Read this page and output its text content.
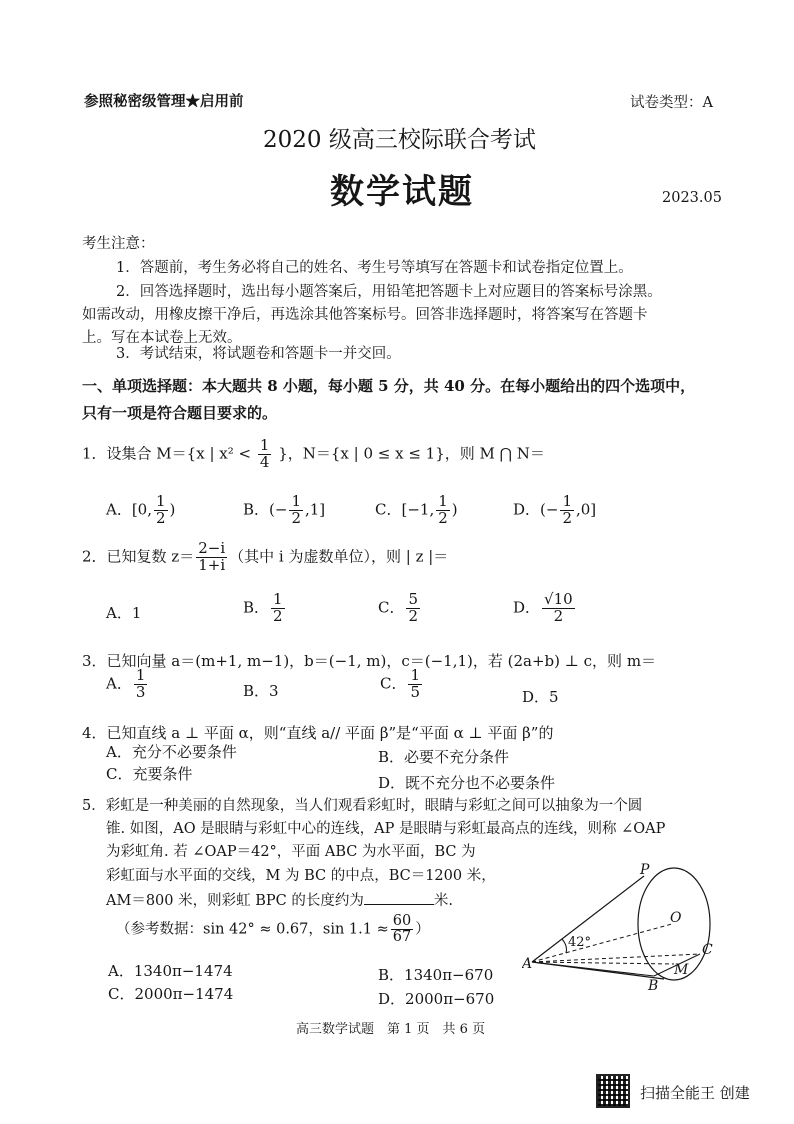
参照秘密级管理★启用前	试卷类型：A
2020 级高三校际联合考试
数学试题	2023.05
考生注意：
1．答题前，考生务必将自己的姓名、考生号等填写在答题卡和试卷指定位置上。
2．回答选择题时，选出每小题答案后，用铅笔把答题卡上对应题目的答案标号涂黑。
如需改动，用橡皮擦干净后，再选涂其他答案标号。回答非选择题时，将答案写在答题卡
上。写在本试卷上无效。
3．考试结束，将试题卷和答题卡一并交回。
一、单项选择题：本大题共 8 小题，每小题 5 分，共 40 分。在每小题给出的四个选项中，
只有一项是符合题目要求的。
1．设集合 M＝{x | $x^2 < \frac{1}{4}$ }，N＝{x | 0 ≤ x ≤ 1}，则 M ⋂ N＝
A．[0, $\frac{1}{2}$ )	B．(− $\frac{1}{2} ,1$]	C．[−1, $\frac{1}{2}$ )	D．(− $\frac{1}{2} ,0$]
2．已知复数 $z= \frac{2-i}{1+i}$ （其中 i 为虚数单位），则 | z |＝
A．1	B． $\frac{1}{2}$	C． $\frac{5}{2}$	D． $\frac{√10}{2}$
3．已知向量 a＝(m+1, m−1)，b＝(−1, m)，c＝(−1,1)，若 (2a+b) ⊥ c，则 m＝
A． $\frac{1}{3}$	B．3	C． $\frac{1}{5}$	D．5
4．已知直线 a ⊥ 平面 α，则“直线 a// 平面 β”是“平面 α ⊥ 平面 β”的
A．充分不必要条件	B．必要不充分条件
C．充要条件	D．既不充分也不必要条件
5．彩虹是一种美丽的自然现象，当人们观看彩虹时，眼睛与彩虹之间可以抽象为一个圆
锥. 如图，AO 是眼睛与彩虹中心的连线，AP 是眼睛与彩虹最高点的连线，则称 ∠OAP
为彩虹角. 若 ∠OAP＝42°，平面 ABC 为水平面，BC 为
彩虹面与水平面的交线，M 为 BC 的中点，BC＝1200 米，
AM＝800 米，则彩虹 BPC 的长度约为	米.
（参考数据：sin 42° ≈ 0.67，$\sin 1.1 \approx \frac{60}{67}$ ）
A．1340π−1474	B．1340π−670
C．2000π−1474	D．2000π−670
P
O
A
C
B
M
42°
高三数学试题　第 1 页　共 6 页
扫描全能王 创建
